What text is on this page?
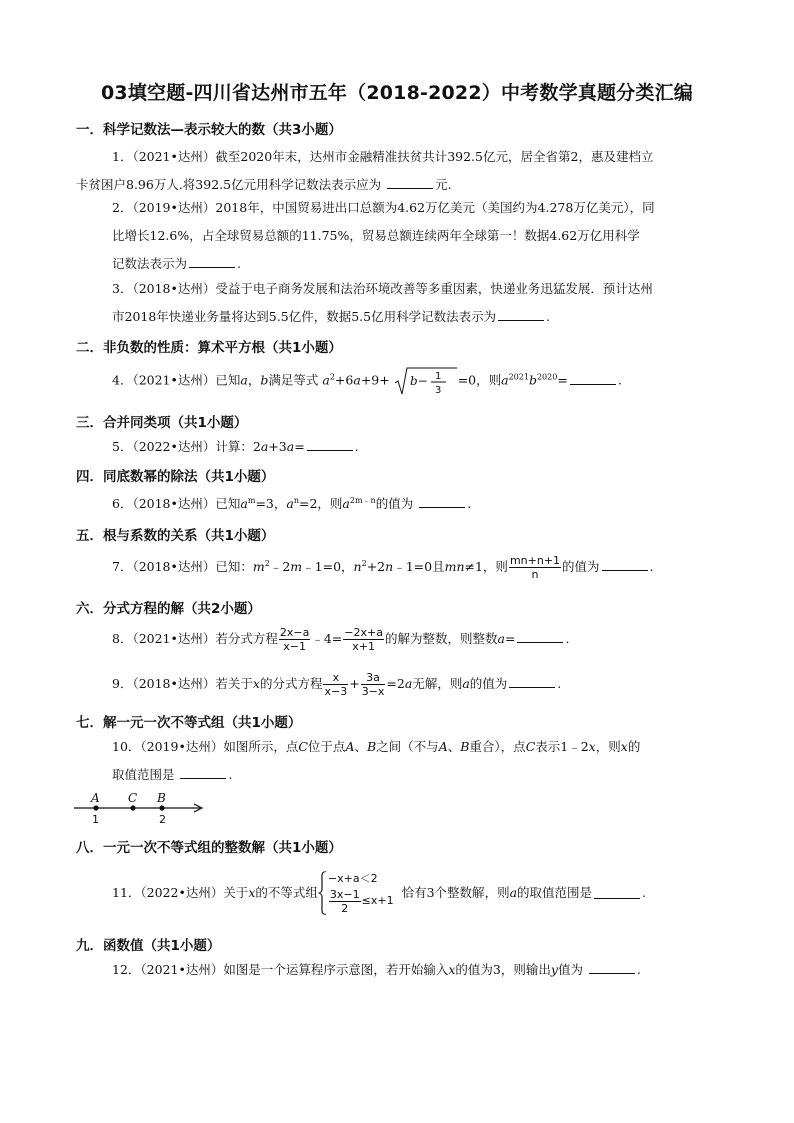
03填空题-四川省达州市五年（2018-2022）中考数学真题分类汇编
一．科学记数法—表示较大的数（共3小题）
1．（2021•达州）截至2020年末，达州市金融精准扶贫共计392.5亿元，居全省第2，惠及建档立
卡贫困户8.96万人.将392.5亿元用科学记数法表示应为	元.
2．（2019•达州）2018年，中国贸易进出口总额为4.62万亿美元（美国约为4.278万亿美元），同
比增长12.6%，占全球贸易总额的11.75%，贸易总额连续两年全球第一！数据4.62万亿用科学
记数法表示为	.
3．（2018•达州）受益于电子商务发展和法治环境改善等多重因素，快递业务迅猛发展．预计达州
市2018年快递业务量将达到5.5亿件，数据5.5亿用科学记数法表示为	.
二．非负数的性质：算术平方根（共1小题）
4．（2021•达州）已知a，b满足等式 $a^2+6a+9+ b- 1$
3
=0，则$a^{2021}b^{2020}=$	.
三．合并同类项（共1小题）
5．（2022•达州）计算：2a+3a=	.
四．同底数幂的除法（共1小题）
6．（2018•达州）已知$a^m=3$，$a^n=2$，则$a^{2m﹣n}$的值为	.
五．根与系数的关系（共1小题）
7．（2018•达州）已知：$m^2﹣2m﹣1=0$，$n^2+2n﹣1=0$且mn≠1，则 $\frac{mn+n+1}{n}$ 的值为	.
六．分式方程的解（共2小题）
8．（2021•达州）若分式方程 $\frac{2x-a}{x-1}$ ﹣4= $\frac{-2x+a}{x+1}$ 的解为整数，则整数a=	.
9．（2018•达州）若关于x的分式方程 $\frac{x}{x-3} + \frac{3a}{3-x} =2a$无解，则a的值为	.
七．解一元一次不等式组（共1小题）
10．（2019•达州）如图所示，点C位于点A、B之间（不与A、B重合），点C表示1﹣2x，则x的
取值范围是	.
A C B
1	2
八．一元一次不等式组的整数解（共1小题）
11．（2022•达州）关于 x 的不等式组
−x+a＜2
$\frac{3x-1}{2} \le x+1$
恰有3个整数解，则 a 的取值范围是	.
九．函数值（共1小题）
12．（2021•达州）如图是一个运算程序示意图，若开始输入x的值为3，则输出y值为	.
